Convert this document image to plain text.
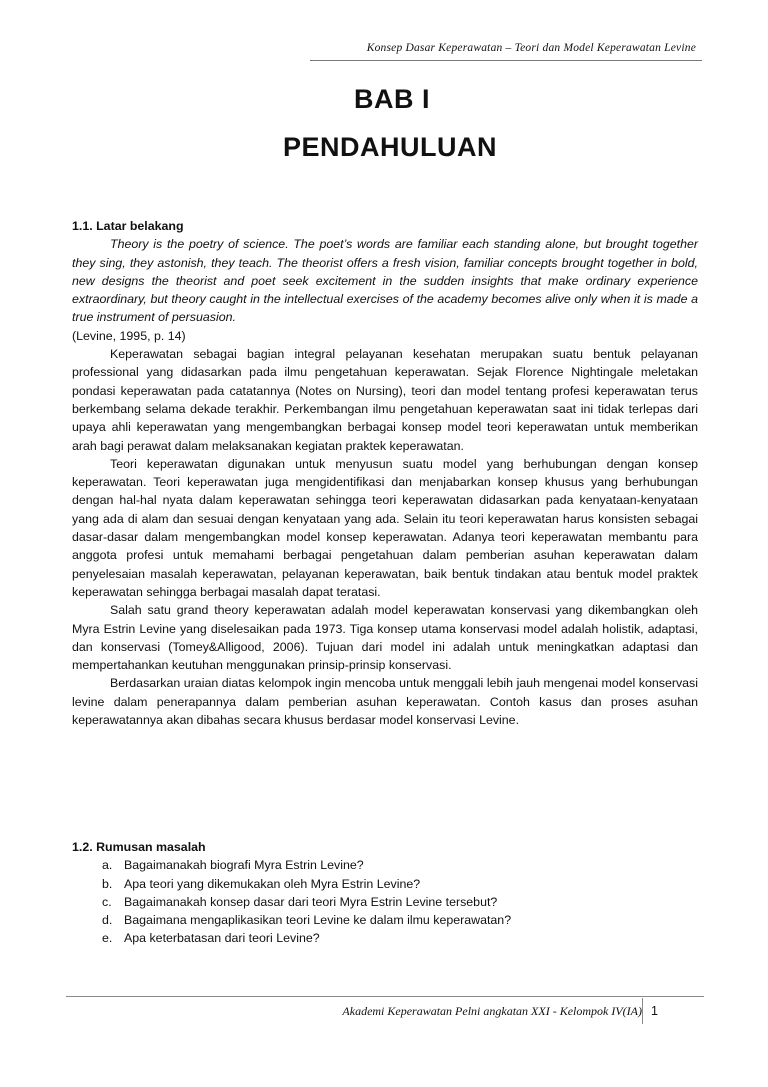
Konsep Dasar Keperawatan – Teori dan Model Keperawatan Levine
BAB I
PENDAHULUAN
1.1. Latar belakang

Theory is the poetry of science. The poet’s words are familiar each standing alone, but brought together they sing, they astonish, they teach. The theorist offers a fresh vision, familiar concepts brought together in bold, new designs the theorist and poet seek excitement in the sudden insights that make ordinary experience extraordinary, but theory caught in the intellectual exercises of the academy becomes alive only when it is made a true instrument of persuasion.

(Levine, 1995, p. 14)

Keperawatan sebagai bagian integral pelayanan kesehatan merupakan suatu bentuk pelayanan professional yang didasarkan pada ilmu pengetahuan keperawatan. Sejak Florence Nightingale meletakan pondasi keperawatan pada catatannya (Notes on Nursing), teori dan model tentang profesi keperawatan terus berkembang selama dekade terakhir. Perkembangan ilmu pengetahuan keperawatan saat ini tidak terlepas dari upaya ahli keperawatan yang mengembangkan berbagai konsep model teori keperawatan untuk memberikan arah bagi perawat dalam melaksanakan kegiatan praktek keperawatan.

Teori keperawatan digunakan untuk menyusun suatu model yang berhubungan dengan konsep keperawatan. Teori keperawatan juga mengidentifikasi dan menjabarkan konsep khusus yang berhubungan dengan hal-hal nyata dalam keperawatan sehingga teori keperawatan didasarkan pada kenyataan-kenyataan yang ada di alam dan sesuai dengan kenyataan yang ada. Selain itu teori keperawatan harus konsisten sebagai dasar-dasar dalam mengembangkan model konsep keperawatan. Adanya teori keperawatan membantu para anggota profesi untuk memahami berbagai pengetahuan dalam pemberian asuhan keperawatan dalam penyelesaian masalah keperawatan, pelayanan keperawatan, baik bentuk tindakan atau bentuk model praktek keperawatan sehingga berbagai masalah dapat teratasi.

Salah satu grand theory keperawatan adalah model keperawatan konservasi yang dikembangkan oleh Myra Estrin Levine yang diselesaikan pada 1973. Tiga konsep utama konservasi model adalah holistik, adaptasi, dan konservasi (Tomey&Alligood, 2006). Tujuan dari model ini adalah untuk meningkatkan adaptasi dan mempertahankan keutuhan menggunakan prinsip-prinsip konservasi.

Berdasarkan uraian diatas kelompok ingin mencoba untuk menggali lebih jauh mengenai model konservasi levine dalam penerapannya dalam pemberian asuhan keperawatan. Contoh kasus dan proses asuhan keperawatannya akan dibahas secara khusus berdasar model konservasi Levine.

1.2. Rumusan masalah
a. Bagaimanakah biografi Myra Estrin Levine?
b. Apa teori yang dikemukakan oleh Myra Estrin Levine?
c. Bagaimanakah konsep dasar dari teori Myra Estrin Levine tersebut?
d. Bagaimana mengaplikasikan teori Levine ke dalam ilmu keperawatan?
e. Apa keterbatasan dari teori Levine?
Akademi Keperawatan Pelni angkatan XXI - Kelompok IV(IA) 1
